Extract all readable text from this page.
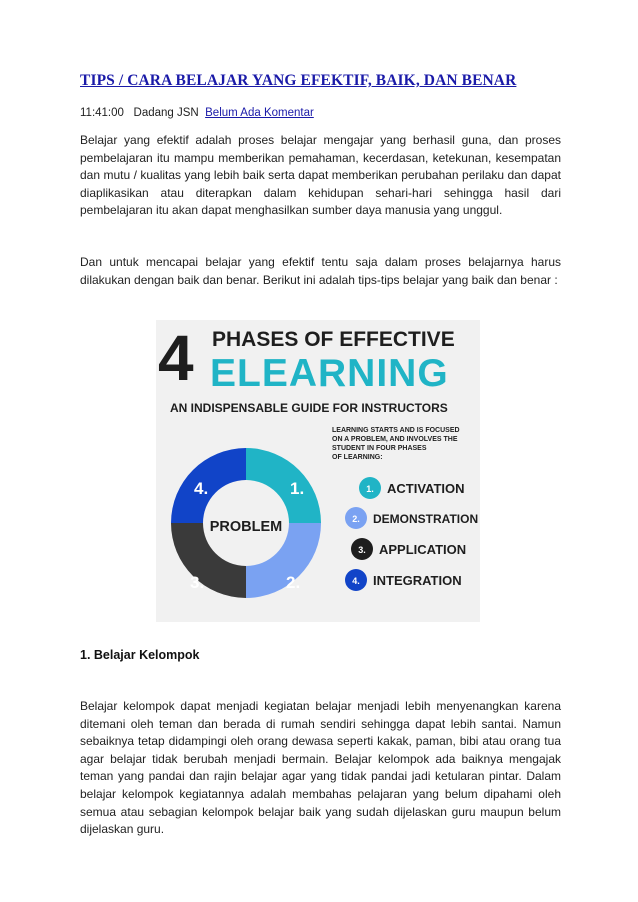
TIPS / CARA BELAJAR YANG EFEKTIF, BAIK, DAN BENAR
11:41:00 Dadang JSN Belum Ada Komentar

Belajar yang efektif adalah proses belajar mengajar yang berhasil guna, dan proses pembelajaran itu mampu memberikan pemahaman, kecerdasan, ketekunan, kesempatan dan mutu / kualitas yang lebih baik serta dapat memberikan perubahan perilaku dan dapat diaplikasikan atau diterapkan dalam kehidupan sehari-hari sehingga hasil dari pembelajaran itu akan dapat menghasilkan sumber daya manusia yang unggul.

Dan untuk mencapai belajar yang efektif tentu saja dalam proses belajarnya harus dilakukan dengan baik dan benar. Berikut ini adalah tips-tips belajar yang baik dan benar :

4 PHASES OF EFFECTIVE
ELEARNING
AN INDISPENSABLE GUIDE FOR INSTRUCTORS
LEARNING STARTS AND IS FOCUSED
ON A PROBLEM, AND INVOLVES THE
STUDENT IN FOUR PHASES
OF LEARNING:
1.
2.
3.
4.
PROBLEM
1. ACTIVATION
2. DEMONSTRATION
3. APPLICATION
4. INTEGRATION
1. Belajar Kelompok

Belajar kelompok dapat menjadi kegiatan belajar menjadi lebih menyenangkan karena ditemani oleh teman dan berada di rumah sendiri sehingga dapat lebih santai. Namun sebaiknya tetap didampingi oleh orang dewasa seperti kakak, paman, bibi atau orang tua agar belajar tidak berubah menjadi bermain. Belajar kelompok ada baiknya mengajak teman yang pandai dan rajin belajar agar yang tidak pandai jadi ketularan pintar. Dalam belajar kelompok kegiatannya adalah membahas pelajaran yang belum dipahami oleh semua atau sebagian kelompok belajar baik yang sudah dijelaskan guru maupun belum dijelaskan guru.
